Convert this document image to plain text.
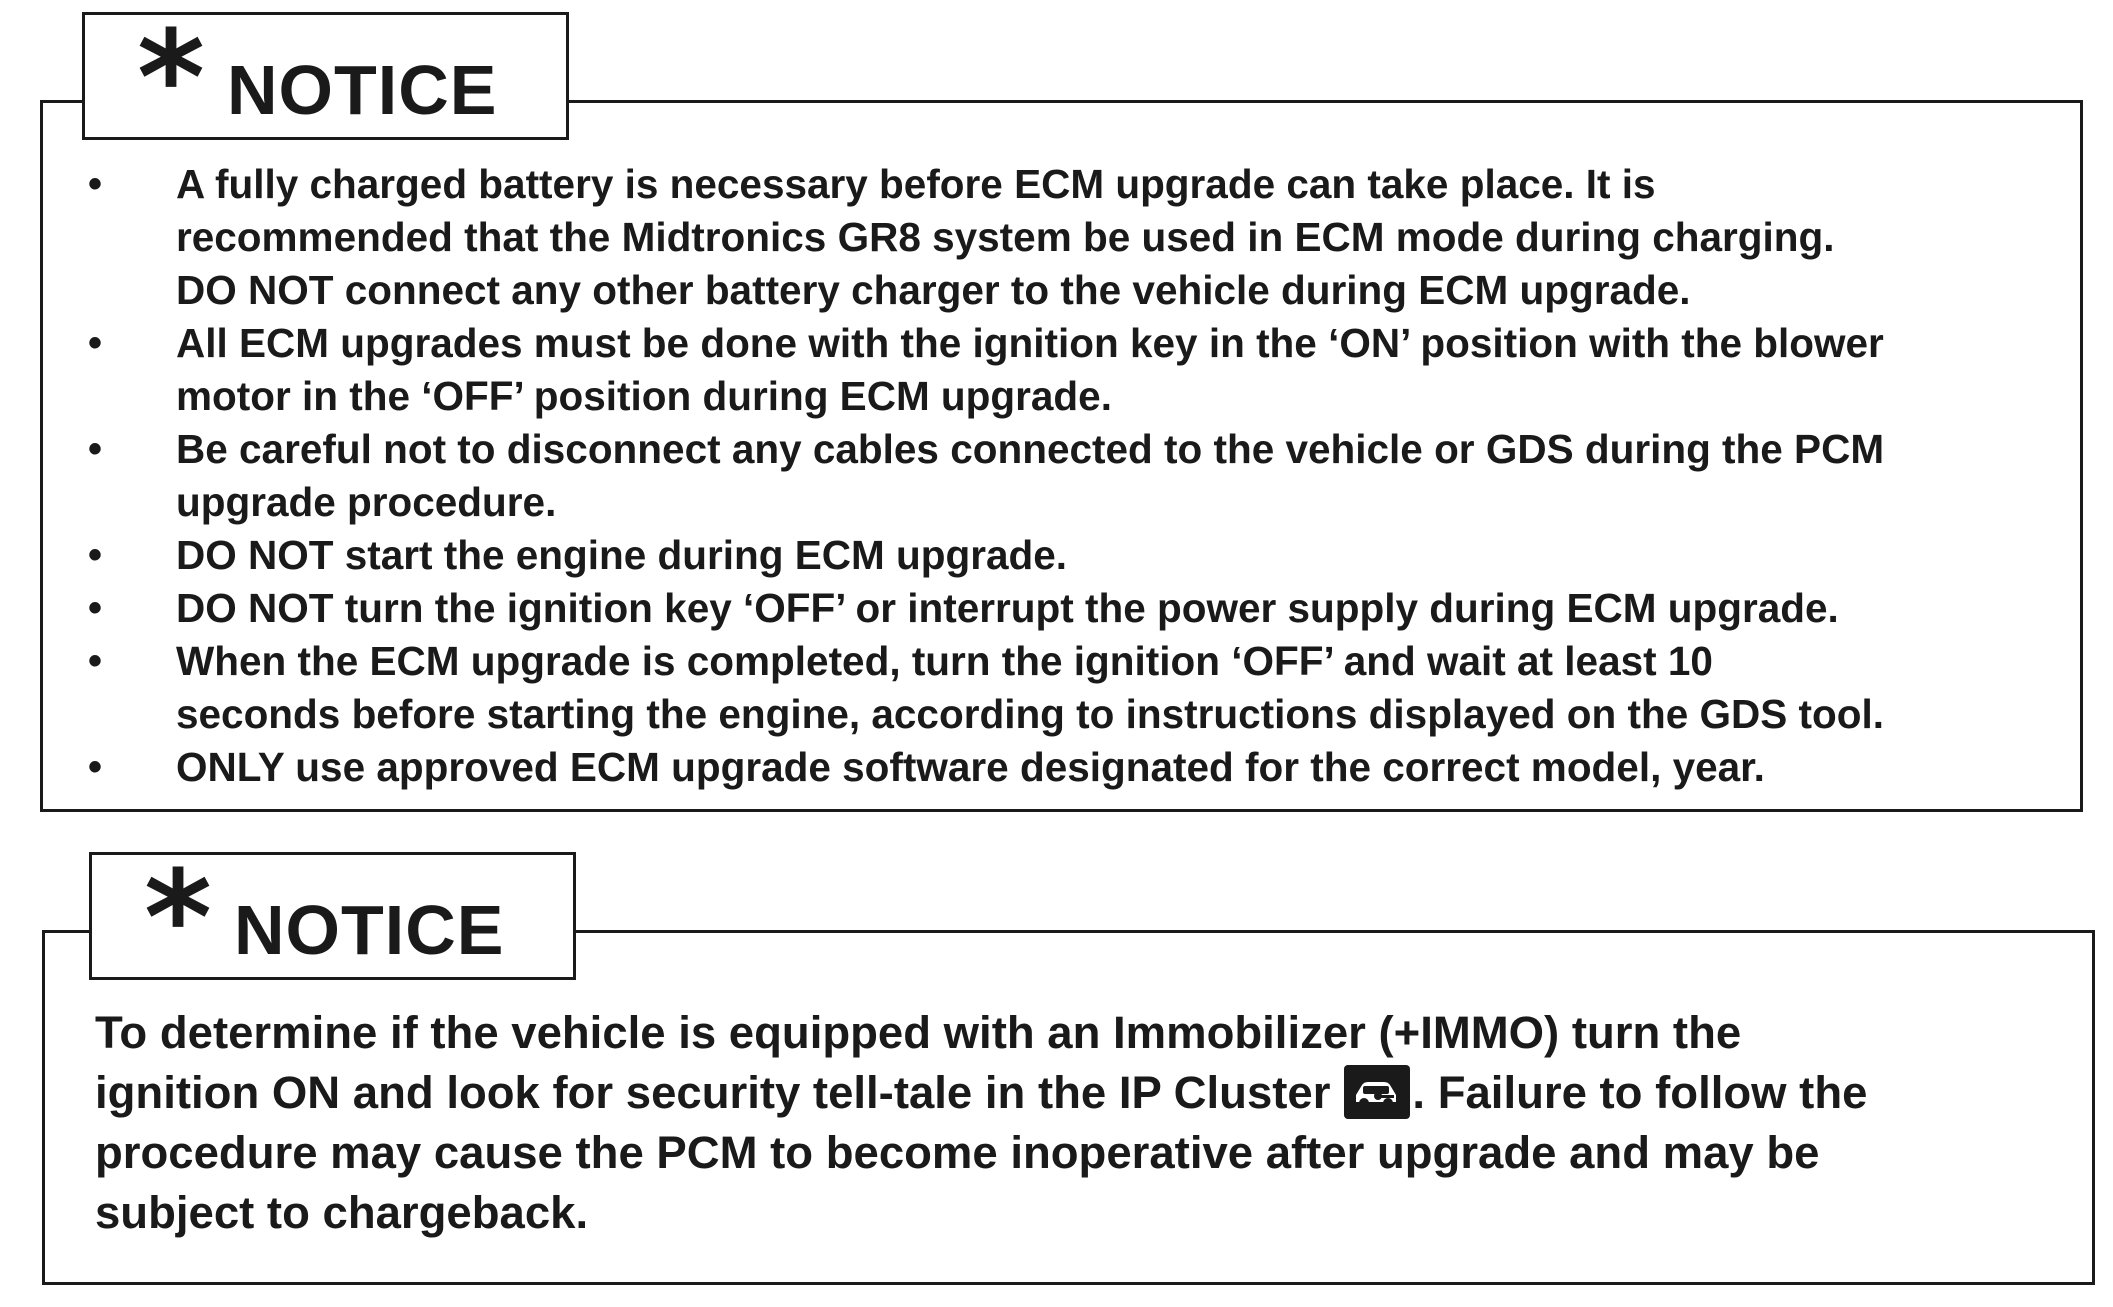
• A fully charged battery is necessary before ECM upgrade can take place. It is
recommended that the Midtronics GR8 system be used in ECM mode during charging.
DO NOT connect any other battery charger to the vehicle during ECM upgrade.
• All ECM upgrades must be done with the ignition key in the ‘ON’ position with the blower
motor in the ‘OFF’ position during ECM upgrade.
• Be careful not to disconnect any cables connected to the vehicle or GDS during the PCM
upgrade procedure.
• DO NOT start the engine during ECM upgrade.
• DO NOT turn the ignition key ‘OFF’ or interrupt the power supply during ECM upgrade.
• When the ECM upgrade is completed, turn the ignition ‘OFF’ and wait at least 10
seconds before starting the engine, according to instructions displayed on the GDS tool.
• ONLY use approved ECM upgrade software designated for the correct model, year.
* NOTICE
To determine if the vehicle is equipped with an Immobilizer (+IMMO) turn the
ignition ON and look for security tell-tale in the IP Cluster . Failure to follow the
procedure may cause the PCM to become inoperative after upgrade and may be
subject to chargeback.
* NOTICE
